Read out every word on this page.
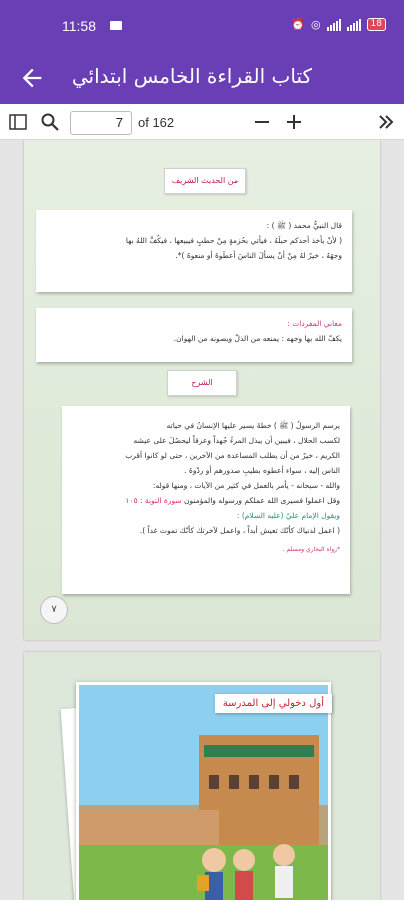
11:58	⏰ ◎	18
كتاب القراءة الخامس ابتدائي
7	of 162
من الحديث الشريف
قال النبيُّ محمد ( ﷺ ) :
( لأنْ يأخذ أحدكم حبلَهُ ، فيأتي بحُزمةٍ مِنْ حطبٍ فيبيعها ، فيكُفَّ اللهُ بها
وجهَهُ ، خيرٌ لهُ مِنْ أنْ يسألَ الناسَ أعطَوهُ أو منعوهُ )*.
معاني المفردات :
يكفّ الله بها وجهه : يمنعه من الذلّ ويصونه من الهوان.
الشرح
يرسم الرسولُ ( ﷺ ) خطةَ يسير عليها الإنسانُ في حياته
لكسب الحلال ، فيبين أن يبذل المرءُ جُهداً وعرقاً ليحصُلَ على عيشه
الكريم ، خيرٌ من أن يطلب المساعدة من الآخرين ، حتى لو كانوا أقرب
الناس إليه ، سواء أعطوه بطيبِ صدورهم أو ردّوهُ .
والله - سبحانه - يأمر بالعمل في كثير من الآيات ، ومنها قوله:
وقل اعملوا فسيرى الله عملكم ورسوله والمؤمنون سورة التوبة : ١٠٥
ويقول الإمام عليّ (عليه السلام) :
( اعمل لدنياك كأنّك تعيش أبداً ، واعمل لآخرتك كأنّك تموت غداً ).
*رواه البخاري ومسلم .
٧
أول دخولي إلى المدرسة
